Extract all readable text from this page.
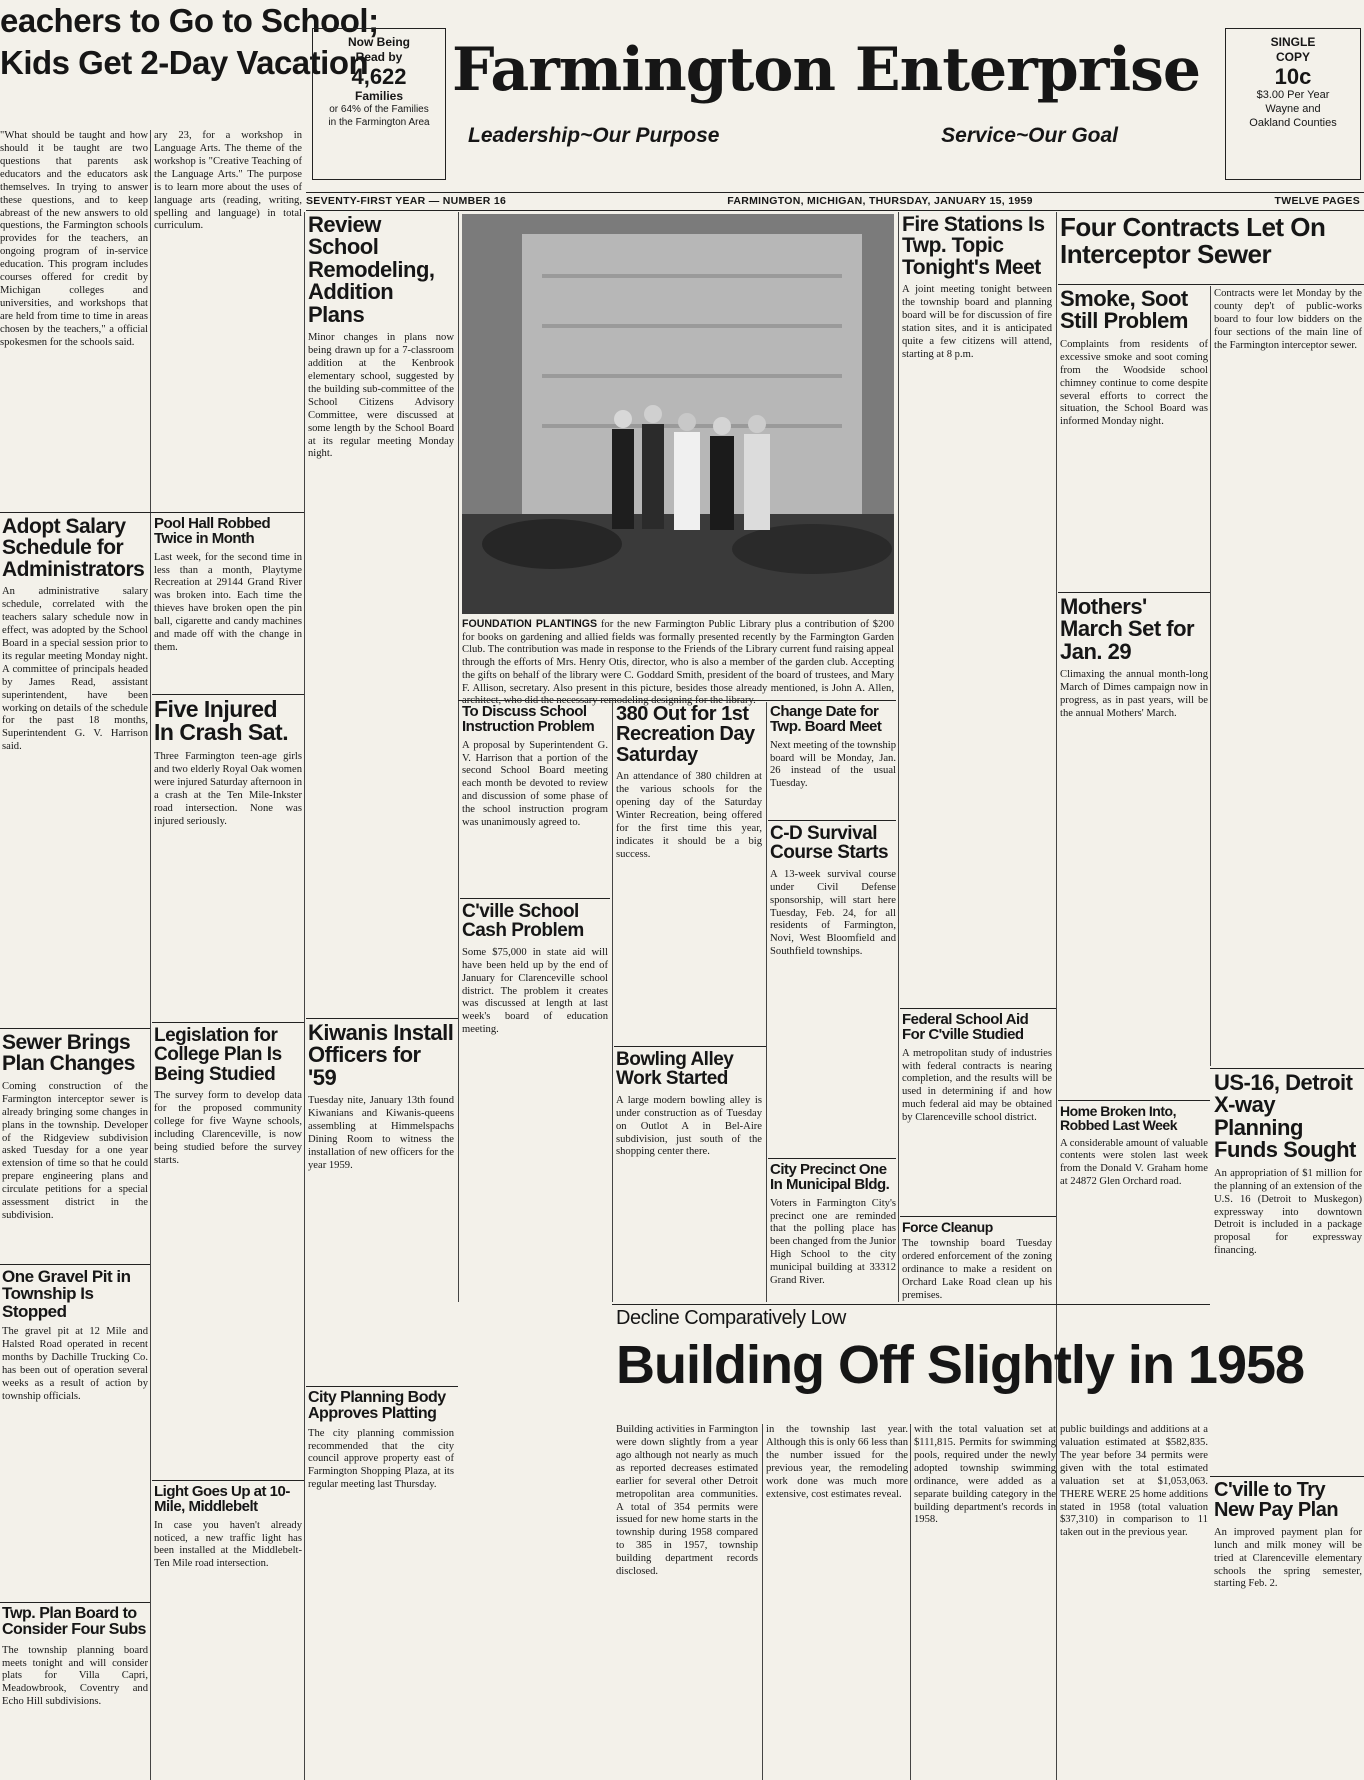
eachers to Go to School;
Kids Get 2-Day Vacation
Now Being
Read by
4,622
Families
or 64% of the Families
in the Farmington Area
Farmington Enterprise
Leadership~Our Purpose	Service~Our Goal
SINGLE
COPY
10c
$3.00 Per Year
Wayne and
Oakland Counties
SEVENTY-FIRST YEAR — NUMBER 16	FARMINGTON, MICHIGAN, THURSDAY, JANUARY 15, 1959	TWELVE PAGES
"What should be taught and how should it be taught are two questions that parents ask educators and the educators ask themselves. In trying to answer these questions, and to keep abreast of the new answers to old questions, the Farmington schools provides for the teachers, an ongoing program of in-service education. This program includes courses offered for credit by Michigan colleges and universities, and workshops that are held from time to time in areas chosen by the teachers," a official spokesmen for the schools said.
ary 23, for a workshop in Language Arts. The theme of the workshop is "Creative Teaching of the Language Arts." The purpose is to learn more about the uses of language arts (reading, writing, spelling and language) in total curriculum.
Adopt Salary Schedule for Administrators
An administrative salary schedule, correlated with the teachers salary schedule now in effect, was adopted by the School Board in a special session prior to its regular meeting Monday night. A committee of principals headed by James Read, assistant superintendent, have been working on details of the schedule for the past 18 months, Superintendent G. V. Harrison said.
Sewer Brings Plan Changes
Coming construction of the Farmington interceptor sewer is already bringing some changes in plans in the township. Developer of the Ridgeview subdivision asked Tuesday for a one year extension of time so that he could prepare engineering plans and circulate petitions for a special assessment district in the subdivision.
One Gravel Pit in Township Is Stopped
The gravel pit at 12 Mile and Halsted Road operated in recent months by Dachille Trucking Co. has been out of operation several weeks as a result of action by township officials.
Twp. Plan Board to Consider Four Subs
The township planning board meets tonight and will consider plats for Villa Capri, Meadowbrook, Coventry and Echo Hill subdivisions.
Pool Hall Robbed Twice in Month
Last week, for the second time in less than a month, Playtyme Recreation at 29144 Grand River was broken into. Each time the thieves have broken open the pin ball, cigarette and candy machines and made off with the change in them.
Five Injured In Crash Sat.
Three Farmington teen-age girls and two elderly Royal Oak women were injured Saturday afternoon in a crash at the Ten Mile-Inkster road intersection. None was injured seriously.
Legislation for College Plan Is Being Studied
The survey form to develop data for the proposed community college for five Wayne schools, including Clarenceville, is now being studied before the survey starts.
Light Goes Up at 10-Mile, Middlebelt
In case you haven't already noticed, a new traffic light has been installed at the Middlebelt-Ten Mile road intersection.
Review School Remodeling, Addition Plans
Minor changes in plans now being drawn up for a 7-classroom addition at the Kenbrook elementary school, suggested by the building sub-committee of the School Citizens Advisory Committee, were discussed at some length by the School Board at its regular meeting Monday night.
Kiwanis Install Officers for '59
Tuesday nite, January 13th found Kiwanians and Kiwanis-queens assembling at Himmelspachs Dining Room to witness the installation of new officers for the year 1959.
City Planning Body Approves Platting
The city planning commission recommended that the city council approve property east of Farmington Shopping Plaza, at its regular meeting last Thursday.
FOUNDATION PLANTINGS for the new Farmington Public Library plus a contribution of $200 for books on gardening and allied fields was formally presented recently by the Farmington Garden Club. The contribution was made in response to the Friends of the Library current fund raising appeal through the efforts of Mrs. Henry Otis, director, who is also a member of the garden club. Accepting the gifts on behalf of the library were C. Goddard Smith, president of the board of trustees, and Mary F. Allison, secretary. Also present in this picture, besides those already mentioned, is John A. Allen,
To Discuss School Instruction Problem
A proposal by Superintendent G. V. Harrison that a portion of the second School Board meeting each month be devoted to review and discussion of some phase of the school instruction program was unanimously agreed to.
C'ville School Cash Problem
Some $75,000 in state aid will have been held up by the end of January for Clarenceville school district. The problem it creates was discussed at length at last week's board of education meeting.
380 Out for 1st Recreation Day Saturday
An attendance of 380 children at the various schools for the opening day of the Saturday Winter Recreation, being offered for the first time this year, indicates it should be a big success.
Bowling Alley Work Started
A large modern bowling alley is under construction as of Tuesday on Outlot A in Bel-Aire subdivision, just south of the shopping center there.
Change Date for Twp. Board Meet
Next meeting of the township board will be Monday, Jan. 26 instead of the usual Tuesday.
C-D Survival Course Starts
A 13-week survival course under Civil Defense sponsorship, will start here Tuesday, Feb. 24, for all residents of Farmington, Novi, West Bloomfield and Southfield townships.
City Precinct One In Municipal Bldg.
Voters in Farmington City's precinct one are reminded that the polling place has been changed from the Junior High School to the city municipal building at 33312 Grand River.
Fire Stations Is Twp. Topic Tonight's Meet
A joint meeting tonight between the township board and planning board will be for discussion of fire station sites, and it is anticipated quite a few citizens will attend, starting at 8 p.m.
Federal School Aid For C'ville Studied
A metropolitan study of industries with federal contracts is nearing completion, and the results will be used in determining if and how much federal aid may be obtained by Clarenceville school district.
Force Cleanup
The township board Tuesday ordered enforcement of the zoning ordinance to make a resident on Orchard Lake Road clean up his premises.
Four Contracts Let On Interceptor Sewer
Smoke, Soot Still Problem
Complaints from residents of excessive smoke and soot coming from the Woodside school chimney continue to come despite several efforts to correct the situation, the School Board was informed Monday night.
Contracts were let Monday by the county dep't of public-works board to four low bidders on the four sections of the main line of the Farmington interceptor sewer.
Mothers' March Set for Jan. 29
Climaxing the annual month-long March of Dimes campaign now in progress, as in past years, will be the annual Mothers' March.
Home Broken Into, Robbed Last Week
A considerable amount of valuable contents were stolen last week from the Donald V. Graham home at 24872 Glen Orchard road.
US-16, Detroit X-way Planning Funds Sought
An appropriation of $1 million for the planning of an extension of the U.S. 16 (Detroit to Muskegon) expressway into downtown Detroit is included in a package proposal for expressway financing.
C'ville to Try New Pay Plan
An improved payment plan for lunch and milk money will be tried at Clarenceville elementary schools the spring semester, starting Feb. 2.
Decline Comparatively Low
Building Off Slightly in 1958
Building activities in Farmington were down slightly from a year ago although not nearly as much as reported decreases estimated earlier for several other Detroit metropolitan area communities. A total of 354 permits were issued for new home starts in the township during 1958 compared to 385 in 1957, township building department records disclosed.
in the township last year. Although this is only 66 less than the number issued for the previous year, the remodeling work done was much more extensive, cost estimates reveal.
with the total valuation set at $111,815. Permits for swimming pools, required under the newly adopted township swimming ordinance, were added as a separate building category in the building department's records in 1958.
public buildings and additions at a valuation estimated at $582,835. The year before 34 permits were given with the total estimated valuation set at $1,053,063. THERE WERE 25 home additions stated in 1958 (total valuation $37,310) in comparison to 11 taken out in the previous year.
